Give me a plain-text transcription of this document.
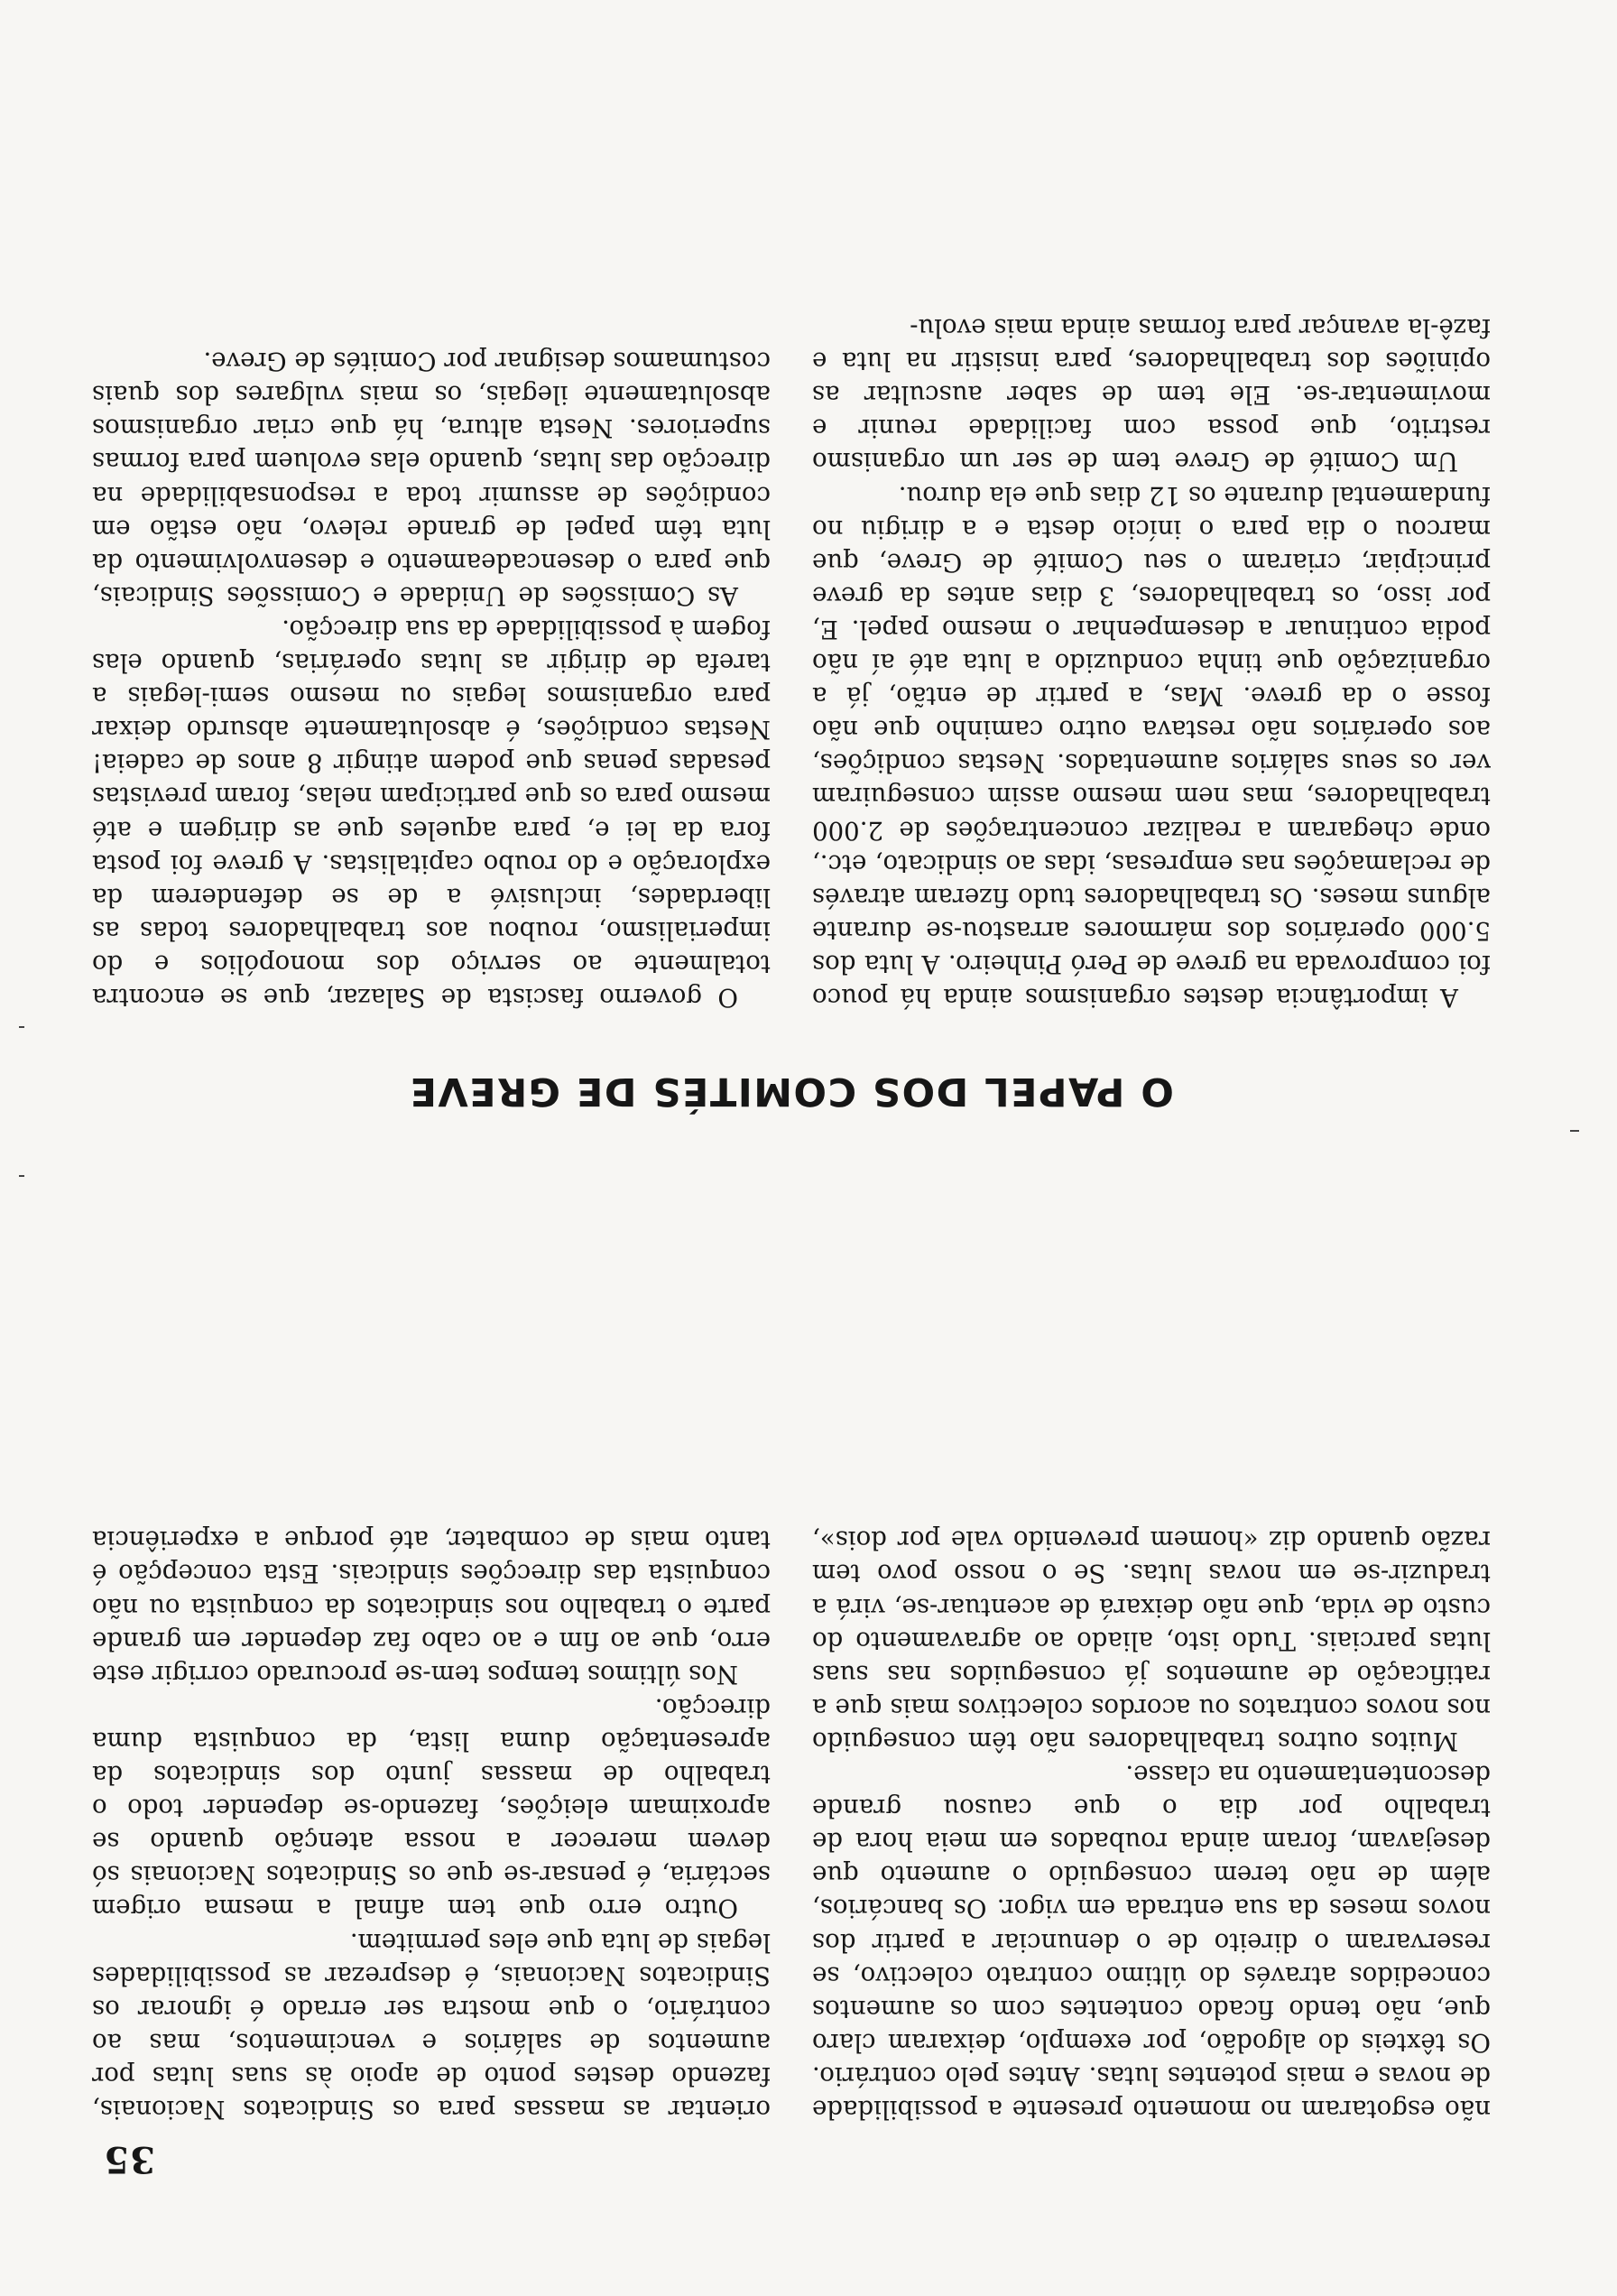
35

não esgotaram no momento presente a possibilidade de novas e mais potentes lutas. Antes pelo contrário. Os têxteis do algodão, por exemplo, deixaram claro que, não tendo ficado contentes com os aumentos concedidos através do último contrato colectivo, se reservaram o direito de o denunciar a partir dos novos meses da sua entrada em vigor. Os bancários, além de não terem conseguido o aumento que desejavam, foram ainda roubados em meia hora de trabalho por dia o que causou grande descontentamento na classe.

Muitos outros trabalhadores não têm conseguido nos novos contratos ou acordos colectivos mais que a ratificação de aumentos já conseguidos nas suas lutas parciais. Tudo isto, aliado ao agravamento do custo de vida, que não deixará de acentuar-se, virá a traduzir-se em novas lutas. Se o nosso povo tem razão quando diz «homem prevenido vale por dois»,

orientar as massas para os Sindicatos Nacionais, fazendo destes ponto de apoio às suas lutas por aumentos de salários e vencimentos, mas ao contrário, o que mostra ser errado é ignorar os Sindicatos Nacionais, é desprezar as possibilidades legais de luta que eles permitem.

Outro erro que tem afinal a mesma origem sectária, é pensar-se que os Sindicatos Nacionais só devem merecer a nossa atenção quando se aproximam eleições, fazendo-se depender todo o trabalho de massas junto dos sindicatos da apresentação duma lista, da conquista duma direcção.

Nos últimos tempos tem-se procurado corrigir este erro, que ao fim e ao cabo faz depender em grande parte o trabalho nos sindicatos da conquista ou não conquista das direcções sindicais. Esta concepção é tanto mais de combater, até porque a experiência

O PAPEL DOS COMITÉS DE GREVE

A importância destes organismos ainda há pouco foi comprovada na greve de Peró Pinheiro. A luta dos 5.000 operários dos mármores arrastou-se durante alguns meses. Os trabalhadores tudo fizeram através de reclamações nas empresas, idas ao sindicato, etc., onde chegaram a realizar concentrações de 2.000 trabalhadores, mas nem mesmo assim conseguiram ver os seus salários aumentados. Nestas condições, aos operários não restava outro caminho que não fosse o da greve. Mas, a partir de então, já a organização que tinha conduzido a luta até aí não podia continuar a desempenhar o mesmo papel. E, por isso, os trabalhadores, 3 dias antes da greve principiar, criaram o seu Comité de Greve, que marcou o dia para o início desta e a dirigiu no fundamental durante os 12 dias que ela durou.

Um Comité de Greve tem de ser um organismo restrito, que possa com facilidade reunir e movimentar-se. Ele tem de saber auscultar as opiniões dos trabalhadores, para insistir na luta e fazê-la avançar para formas ainda mais evolu-

O governo fascista de Salazar, que se encontra totalmente ao serviço dos monopólios e do imperialismo, roubou aos trabalhadores todas as liberdades, inclusivé a de se defenderem da exploração e do roubo capitalistas. A greve foi posta fora da lei e, para aqueles que as dirigem e até mesmo para os que participam nelas, foram previstas pesadas penas que podem atingir 8 anos de cadeia! Nestas condições, é absolutamente absurdo deixar para organismos legais ou mesmo semi-legais a tarefa de dirigir as lutas operárias, quando elas fogem à possibilidade da sua direcção.

As Comissões de Unidade e Comissões Sindicais, que para o desencadeamento e desenvolvimento da luta têm papel de grande relevo, não estão em condições de assumir toda a responsabilidade na direcção das lutas, quando elas evoluem para formas superiores. Nesta altura, há que criar organismos absolutamente ilegais, os mais vulgares dos quais costumamos designar por Comités de Greve.
